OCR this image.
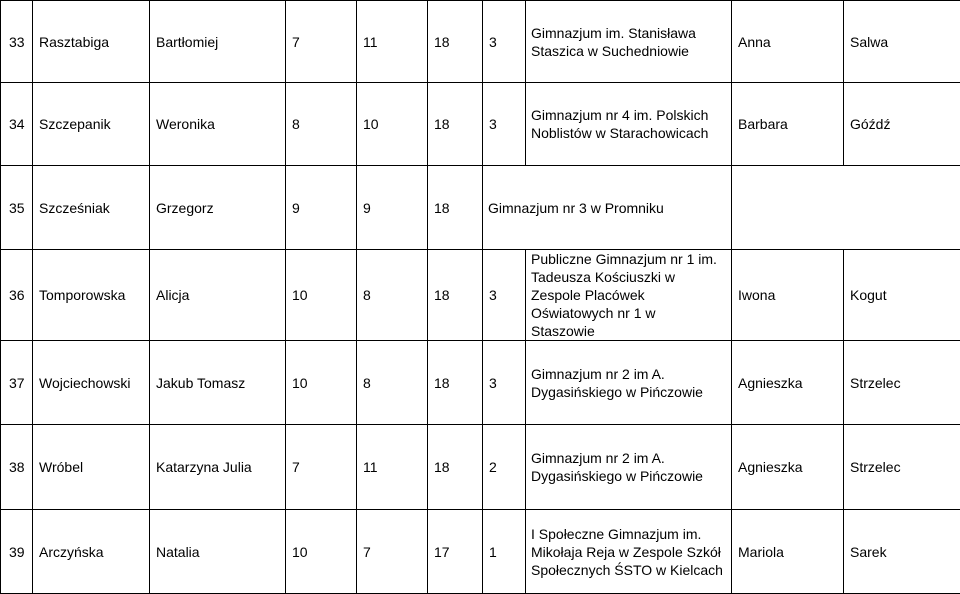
33	Rasztabiga	Bartłomiej	7	11	18	3	Gimnazjum im. Stanisława Staszica w Suchedniowie	Anna	Salwa
34	Szczepanik	Weronika	8	10	18	3	Gimnazjum nr 4 im. Polskich Noblistów w Starachowicach	Barbara	Góźdź
35	Szcześniak	Grzegorz	9	9	18	Gimnazjum nr 3 w Promniku			
36	Tomporowska	Alicja	10	8	18	3	Publiczne Gimnazjum nr 1 im. Tadeusza Kościuszki w Zespole Placówek Oświatowych nr 1 w Staszowie	Iwona	Kogut
37	Wojciechowski	Jakub Tomasz	10	8	18	3	Gimnazjum nr 2 im A. Dygasińskiego w Pińczowie	Agnieszka	Strzelec
38	Wróbel	Katarzyna Julia	7	11	18	2	Gimnazjum nr 2 im A. Dygasińskiego w Pińczowie	Agnieszka	Strzelec
39	Arczyńska	Natalia	10	7	17	1	I Społeczne Gimnazjum im. Mikołaja Reja w Zespole Szkół Społecznych ŚSTO w Kielcach	Mariola	Sarek
